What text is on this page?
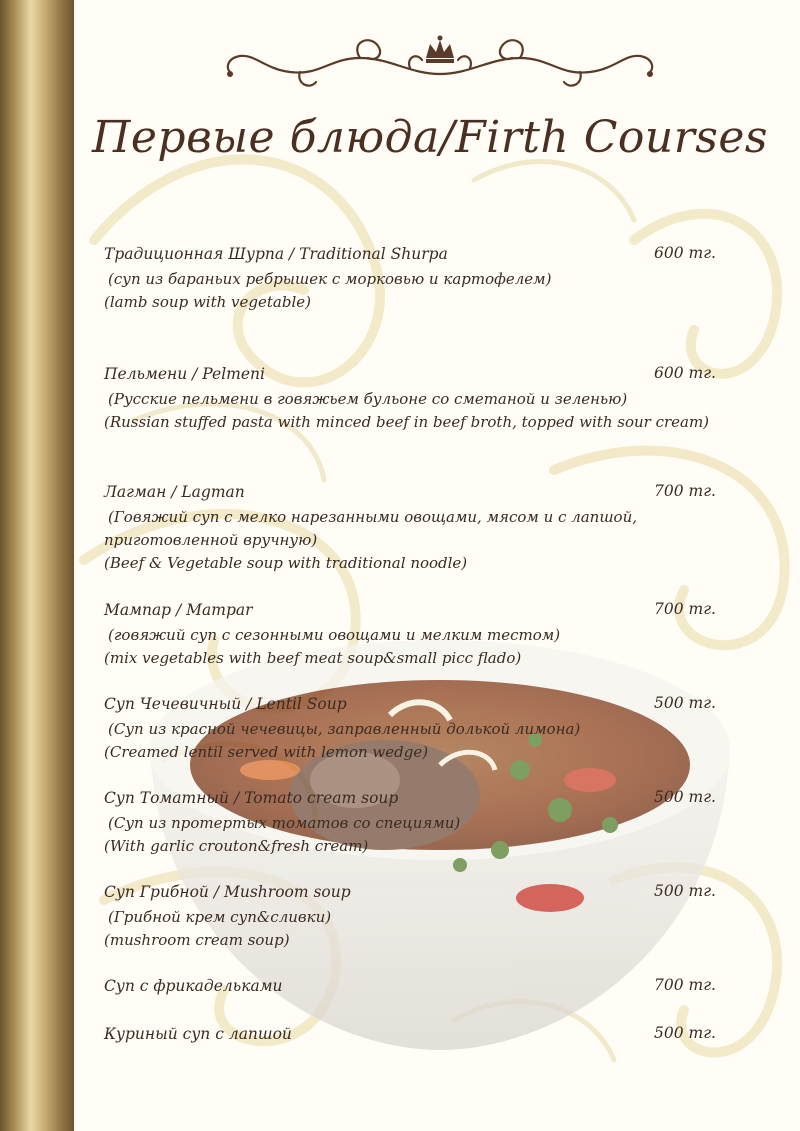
Первые блюда/Firth Courses
Традиционная Шурпа / Traditional Shurpa	600 тг.
(суп из бараньих ребрышек с морковью и картофелем)
(lamb soup with vegetable)
Пельмени / Pelmeni	600 тг.
(Русские пельмени в говяжьем бульоне со сметаной и зеленью)
(Russian stuffed pasta with minced beef in beef broth, topped with sour cream)
Лагман / Lagman	700 тг.
(Говяжий суп с мелко нарезанными овощами, мясом и с лапшой,
приготовленной вручную)
(Beef & Vegetable soup with traditional noodle)
Мампар / Mampar	700 тг.
(говяжий суп с сезонными овощами и мелким тестом)
(mix vegetables with beef meat soup&small picc flado)
Суп Чечевичный / Lentil Soup	500 тг.
(Суп из красной чечевицы, заправленный долькой лимона)
(Creamed lentil served with lemon wedge)
Суп Томатный / Tomato cream soup	500 тг.
(Суп из протертых томатов со специями)
(With garlic crouton&fresh cream)
Суп Грибной / Mushroom soup	500 тг.
(Грибной крем суп&сливки)
(mushroom cream soup)
Суп с фрикадельками	700 тг.
Куриный суп с лапшой	500 тг.
